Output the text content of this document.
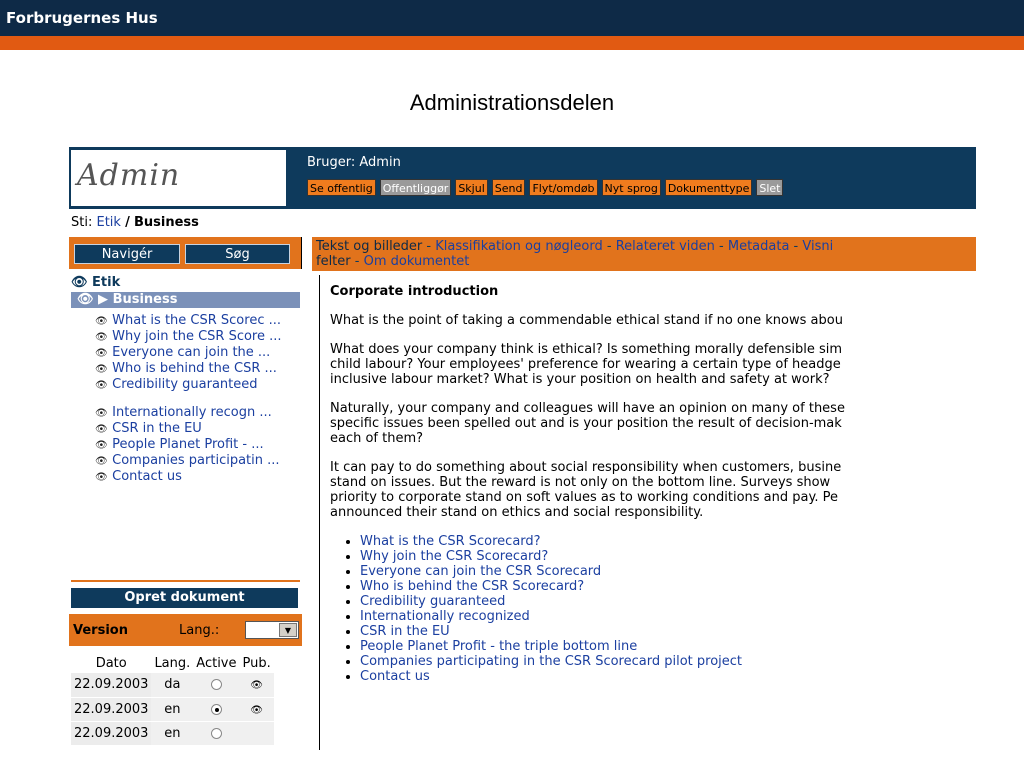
Forbrugernes Hus
Administrationsdelen
Admin	Bruger: Admin
Se offentlig Offentliggør Skjul Send Flyt/omdøb Nyt sprog Dokumenttype Slet
Sti: Etik / Business
Navigér	Søg
👁 Etik
👁 ▶ Business
👁 What is the CSR Scorec ...
👁 Why join the CSR Score ...
👁 Everyone can join the ...
👁 Who is behind the CSR ...
👁 Credibility guaranteed
👁 Internationally recogn ...
👁 CSR in the EU
👁 People Planet Profit - ...
👁 Companies participatin ...
👁 Contact us
Opret dokument
Version	Lang.:	▼
Dato	Lang.	Active	Pub.
22.09.2003	da		👁
22.09.2003	en		👁
22.09.2003	en		
Tekst og billeder - Klassifikation og nøgleord - Relateret viden - Metadata - Visni
felter - Om dokumentet
Corporate introduction

What is the point of taking a commendable ethical stand if no one knows abou

What does your company think is ethical? Is something morally defensible sim
child labour? Your employees' preference for wearing a certain type of headge
inclusive labour market? What is your position on health and safety at work?

Naturally, your company and colleagues will have an opinion on many of these
specific issues been spelled out and is your position the result of decision-mak
each of them?

It can pay to do something about social responsibility when customers, busine
stand on issues. But the reward is not only on the bottom line. Surveys show
priority to corporate stand on soft values as to working conditions and pay. Pe
announced their stand on ethics and social responsibility.

• What is the CSR Scorecard?
• Why join the CSR Scorecard?
• Everyone can join the CSR Scorecard
• Who is behind the CSR Scorecard?
• Credibility guaranteed
• Internationally recognized
• CSR in the EU
• People Planet Profit - the triple bottom line
• Companies participating in the CSR Scorecard pilot project
• Contact us
